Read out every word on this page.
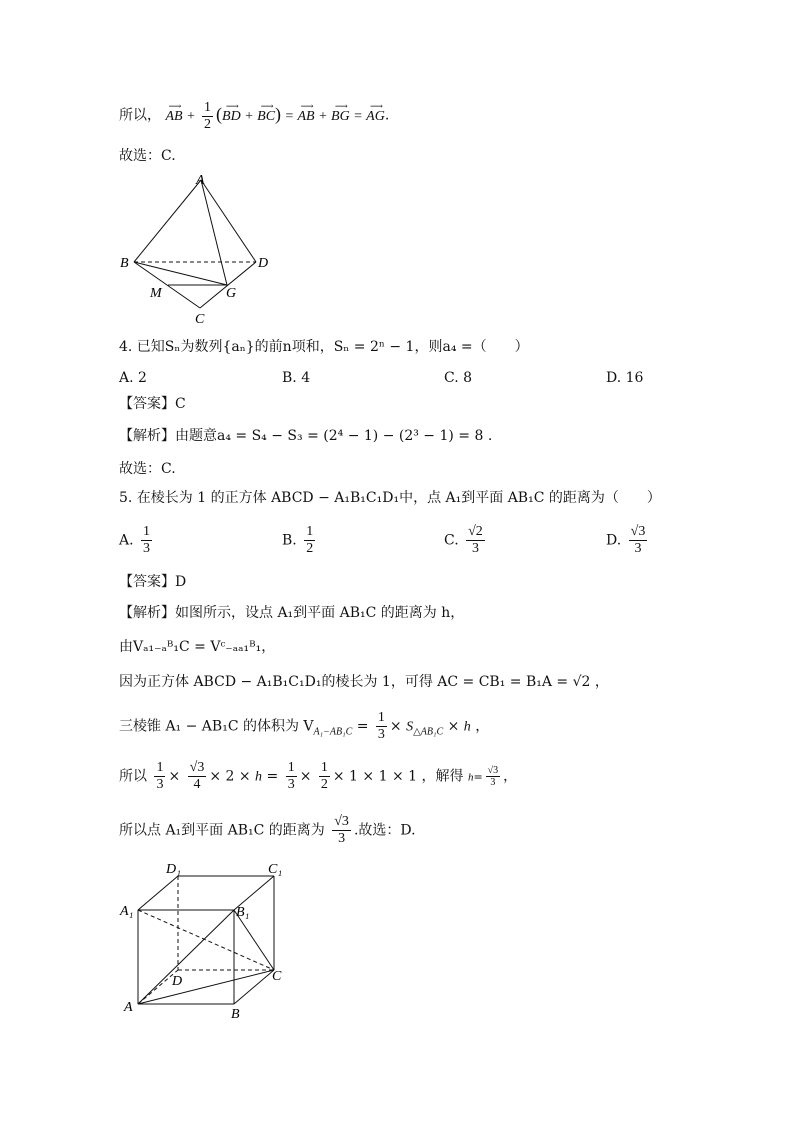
所以， ⟶ AB + $\frac{1}{2}$ (⟶ BD + ⟶ BC) = ⟶ AB + ⟶ BG = ⟶ AG.
故选：C.
A
B	D
M	G
C
4. 已知Sₙ为数列{aₙ}的前n项和，Sₙ = 2ⁿ − 1，则a₄ =（　　）
A. 2	B. 4	C. 8	D. 16
【答案】C
【解析】由题意a₄ = S₄ − S₃ = (2⁴ − 1) − (2³ − 1) = 8 .
故选：C.
5. 在棱长为 1 的正方体 ABCD − A₁B₁C₁D₁中，点 A₁到平面 AB₁C 的距离为（　　）
A. $\frac{1}{3}$	B. $\frac{1}{2}$	C. $\frac{√2}{3}$	D. $\frac{√3}{3}$
【答案】D
【解析】如图所示，设点 A₁到平面 AB₁C 的距离为 h，
由Vₐ₁₋ₐᴮ₁C = Vᶜ₋ₐₐ₁ᴮ₁，
因为正方体 ABCD − A₁B₁C₁D₁的棱长为 1，可得 AC = CB₁ = B₁A = √2 ，
三棱锥 A₁ − AB₁C 的体积为 $V_{A_1-AB_1C} = \frac{1}{3} \times S_{\triangle AB_1C} \times h$ ，
所以 $\frac{1}{3} \times \frac{√3}{4} \times 2 \times h = \frac{1}{3} \times \frac{1}{2} \times 1 \times 1 \times 1$ ，解得 $h= \frac{√3}{3}$ ，
所以点 A₁到平面 AB₁C 的距离为 $\frac{√3}{3}$ .故选：D.
D₁	C₁
A₁	B₁
D	C
A	B
